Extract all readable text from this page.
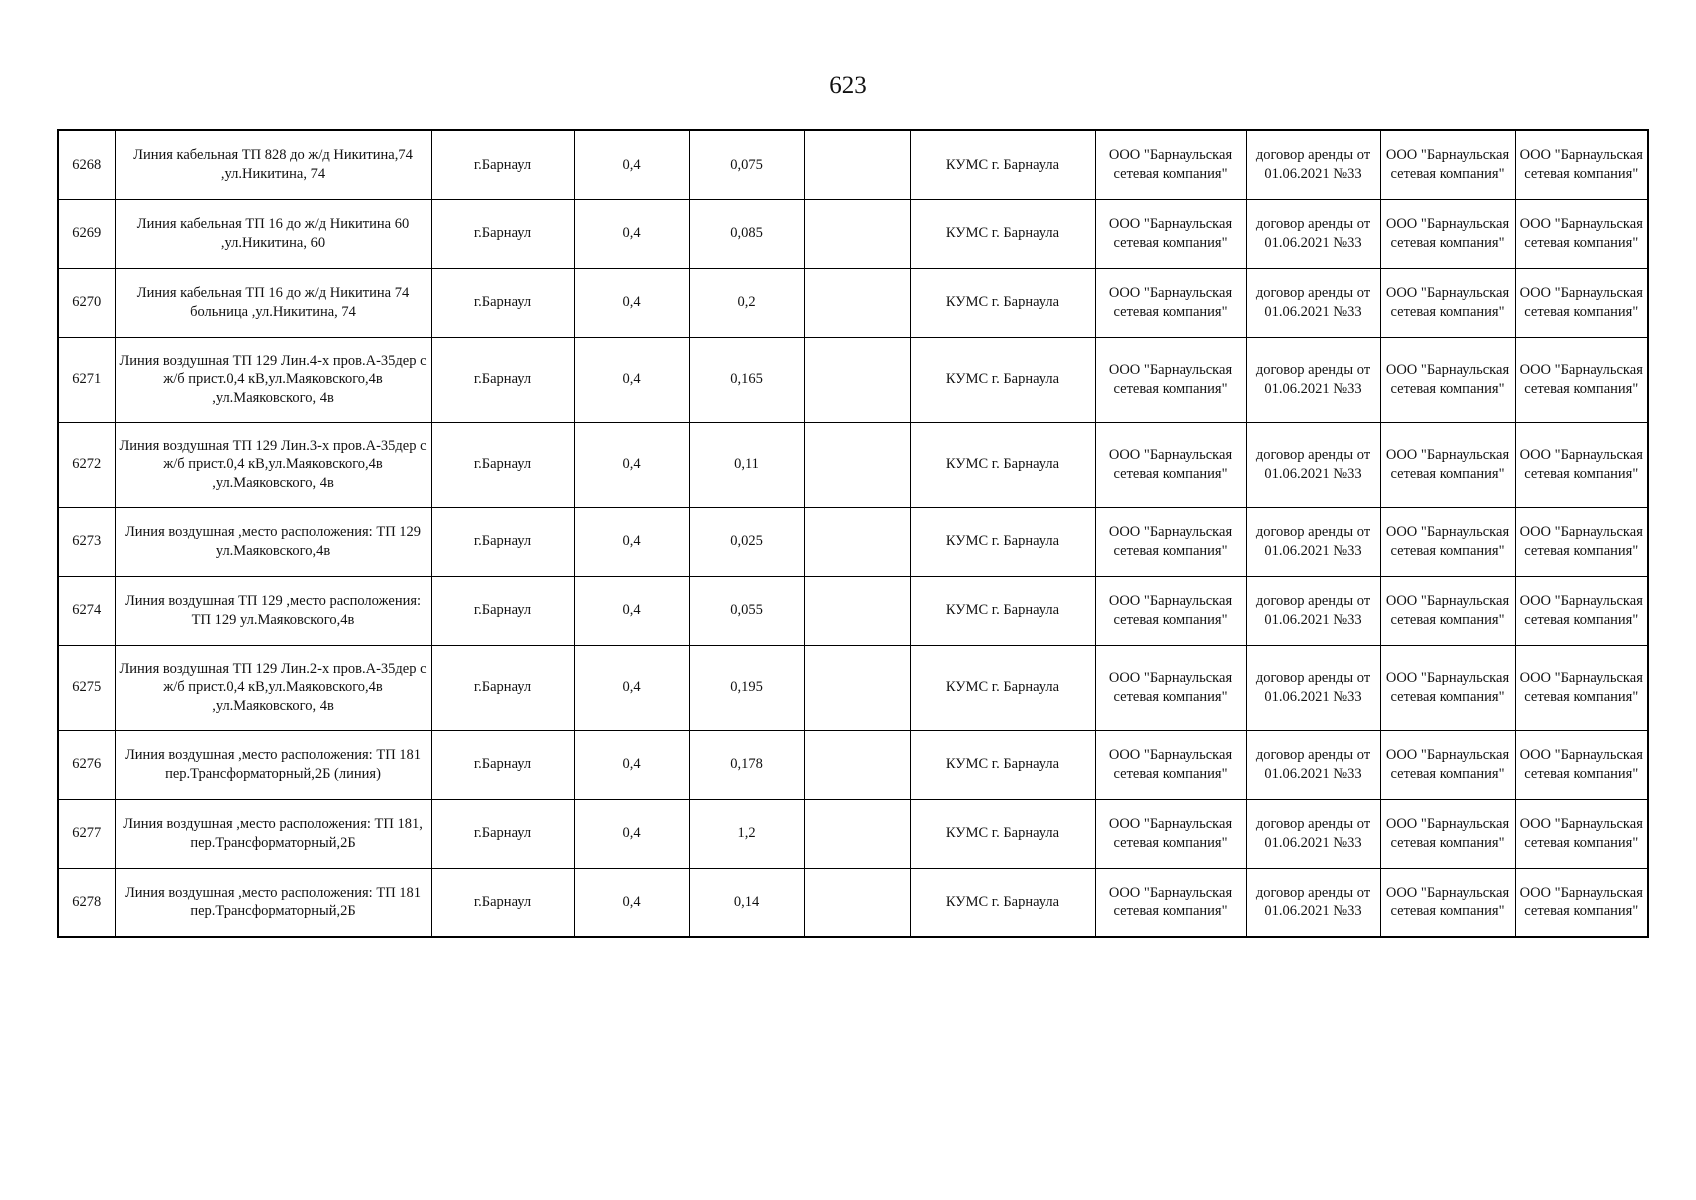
623
6268	Линия кабельная ТП 828 до ж/д Никитина,74 ,ул.Никитина, 74	г.Барнаул	0,4	0,075		КУМС г. Барнаула	ООО "Барнаульская сетевая компания"	договор аренды от 01.06.2021 №33	ООО "Барнаульская сетевая компания"	ООО "Барнаульская сетевая компания"
6269	Линия кабельная ТП 16 до ж/д Никитина 60 ,ул.Никитина, 60	г.Барнаул	0,4	0,085		КУМС г. Барнаула	ООО "Барнаульская сетевая компания"	договор аренды от 01.06.2021 №33	ООО "Барнаульская сетевая компания"	ООО "Барнаульская сетевая компания"
6270	Линия кабельная ТП 16 до ж/д Никитина 74 больница ,ул.Никитина, 74	г.Барнаул	0,4	0,2		КУМС г. Барнаула	ООО "Барнаульская сетевая компания"	договор аренды от 01.06.2021 №33	ООО "Барнаульская сетевая компания"	ООО "Барнаульская сетевая компания"
6271	Линия воздушная ТП 129 Лин.4-х пров.А-35дер с ж/б прист.0,4 кВ,ул.Маяковского,4в ,ул.Маяковского, 4в	г.Барнаул	0,4	0,165		КУМС г. Барнаула	ООО "Барнаульская сетевая компания"	договор аренды от 01.06.2021 №33	ООО "Барнаульская сетевая компания"	ООО "Барнаульская сетевая компания"
6272	Линия воздушная ТП 129 Лин.3-х пров.А-35дер с ж/б прист.0,4 кВ,ул.Маяковского,4в ,ул.Маяковского, 4в	г.Барнаул	0,4	0,11		КУМС г. Барнаула	ООО "Барнаульская сетевая компания"	договор аренды от 01.06.2021 №33	ООО "Барнаульская сетевая компания"	ООО "Барнаульская сетевая компания"
6273	Линия воздушная ,место расположения: ТП 129 ул.Маяковского,4в	г.Барнаул	0,4	0,025		КУМС г. Барнаула	ООО "Барнаульская сетевая компания"	договор аренды от 01.06.2021 №33	ООО "Барнаульская сетевая компания"	ООО "Барнаульская сетевая компания"
6274	Линия воздушная ТП 129 ,место расположения: ТП 129 ул.Маяковского,4в	г.Барнаул	0,4	0,055		КУМС г. Барнаула	ООО "Барнаульская сетевая компания"	договор аренды от 01.06.2021 №33	ООО "Барнаульская сетевая компания"	ООО "Барнаульская сетевая компания"
6275	Линия воздушная ТП 129 Лин.2-х пров.А-35дер с ж/б прист.0,4 кВ,ул.Маяковского,4в ,ул.Маяковского, 4в	г.Барнаул	0,4	0,195		КУМС г. Барнаула	ООО "Барнаульская сетевая компания"	договор аренды от 01.06.2021 №33	ООО "Барнаульская сетевая компания"	ООО "Барнаульская сетевая компания"
6276	Линия воздушная ,место расположения: ТП 181 пер.Трансформаторный,2Б (линия)	г.Барнаул	0,4	0,178		КУМС г. Барнаула	ООО "Барнаульская сетевая компания"	договор аренды от 01.06.2021 №33	ООО "Барнаульская сетевая компания"	ООО "Барнаульская сетевая компания"
6277	Линия воздушная ,место расположения: ТП 181, пер.Трансформаторный,2Б	г.Барнаул	0,4	1,2		КУМС г. Барнаула	ООО "Барнаульская сетевая компания"	договор аренды от 01.06.2021 №33	ООО "Барнаульская сетевая компания"	ООО "Барнаульская сетевая компания"
6278	Линия воздушная ,место расположения: ТП 181 пер.Трансформаторный,2Б	г.Барнаул	0,4	0,14		КУМС г. Барнаула	ООО "Барнаульская сетевая компания"	договор аренды от 01.06.2021 №33	ООО "Барнаульская сетевая компания"	ООО "Барнаульская сетевая компания"
